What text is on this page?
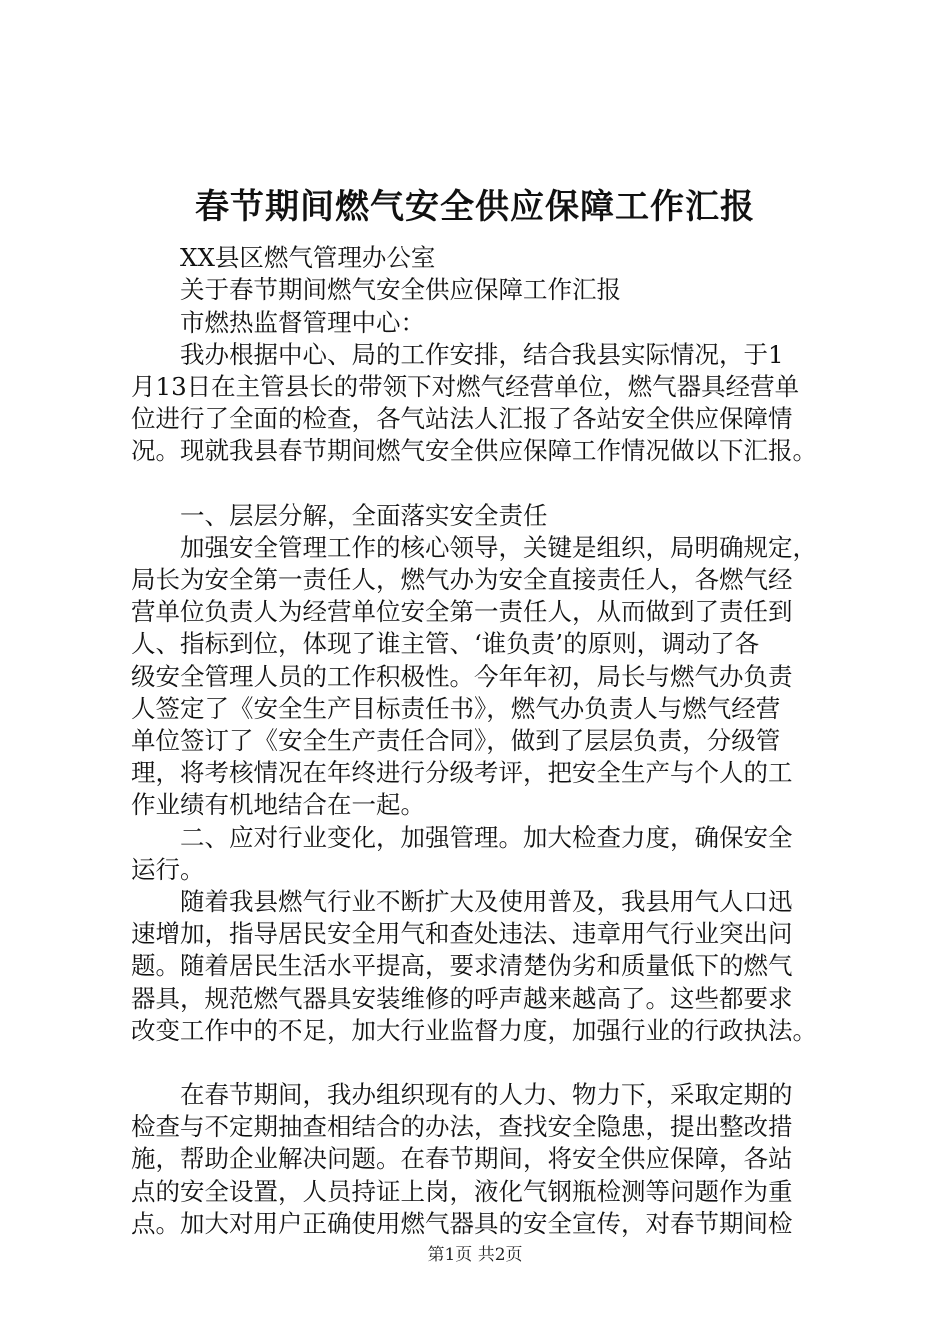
春节期间燃气安全供应保障工作汇报
XX县区燃气管理办公室
关于春节期间燃气安全供应保障工作汇报
市燃热监督管理中心：
我办根据中心、局的工作安排，结合我县实际情况，于1
月13日在主管县长的带领下对燃气经营单位，燃气器具经营单
位进行了全面的检查，各气站法人汇报了各站安全供应保障情
况。现就我县春节期间燃气安全供应保障工作情况做以下汇报。
一、层层分解，全面落实安全责任
加强安全管理工作的核心领导，关键是组织，局明确规定，
局长为安全第一责任人，燃气办为安全直接责任人，各燃气经
营单位负责人为经营单位安全第一责任人，从而做到了责任到
人、指标到位，体现了谁主管、‘谁负责’的原则，调动了各
级安全管理人员的工作积极性。今年年初，局长与燃气办负责
人签定了《安全生产目标责任书》，燃气办负责人与燃气经营
单位签订了《安全生产责任合同》，做到了层层负责，分级管
理，将考核情况在年终进行分级考评，把安全生产与个人的工
作业绩有机地结合在一起。
二、应对行业变化，加强管理。加大检查力度，确保安全
运行。
随着我县燃气行业不断扩大及使用普及，我县用气人口迅
速增加，指导居民安全用气和查处违法、违章用气行业突出问
题。随着居民生活水平提高，要求清楚伪劣和质量低下的燃气
器具，规范燃气器具安装维修的呼声越来越高了。这些都要求
改变工作中的不足，加大行业监督力度，加强行业的行政执法。
在春节期间，我办组织现有的人力、物力下，采取定期的
检查与不定期抽查相结合的办法，查找安全隐患，提出整改措
施，帮助企业解决问题。在春节期间，将安全供应保障，各站
点的安全设置，人员持证上岗，液化气钢瓶检测等问题作为重
点。加大对用户正确使用燃气器具的安全宣传，对春节期间检
第1页 共2页
